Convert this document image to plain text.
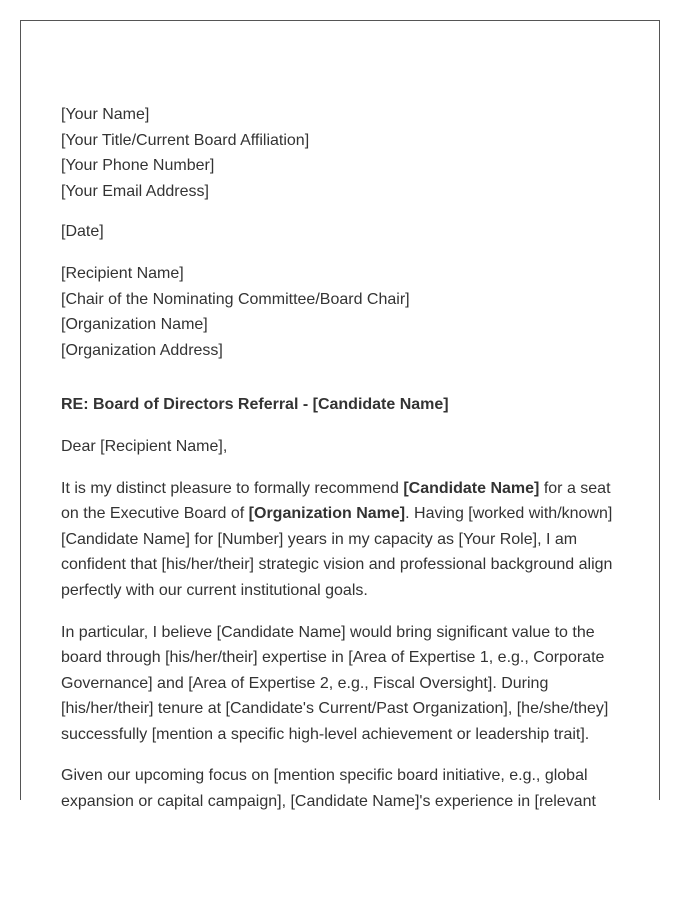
[Your Name]
[Your Title/Current Board Affiliation]
[Your Phone Number]
[Your Email Address]
[Date]
[Recipient Name]
[Chair of the Nominating Committee/Board Chair]
[Organization Name]
[Organization Address]
RE: Board of Directors Referral - [Candidate Name]
Dear [Recipient Name],

It is my distinct pleasure to formally recommend [Candidate Name] for a seat on the Executive Board of [Organization Name]. Having [worked with/known] [Candidate Name] for [Number] years in my capacity as [Your Role], I am confident that [his/her/their] strategic vision and professional background align perfectly with our current institutional goals.

In particular, I believe [Candidate Name] would bring significant value to the board through [his/her/their] expertise in [Area of Expertise 1, e.g., Corporate Governance] and [Area of Expertise 2, e.g., Fiscal Oversight]. During [his/her/their] tenure at [Candidate's Current/Past Organization], [he/she/they] successfully [mention a specific high-level achievement or leadership trait].

Given our upcoming focus on [mention specific board initiative, e.g., global expansion or capital campaign], [Candidate Name]'s experience in [relevant
